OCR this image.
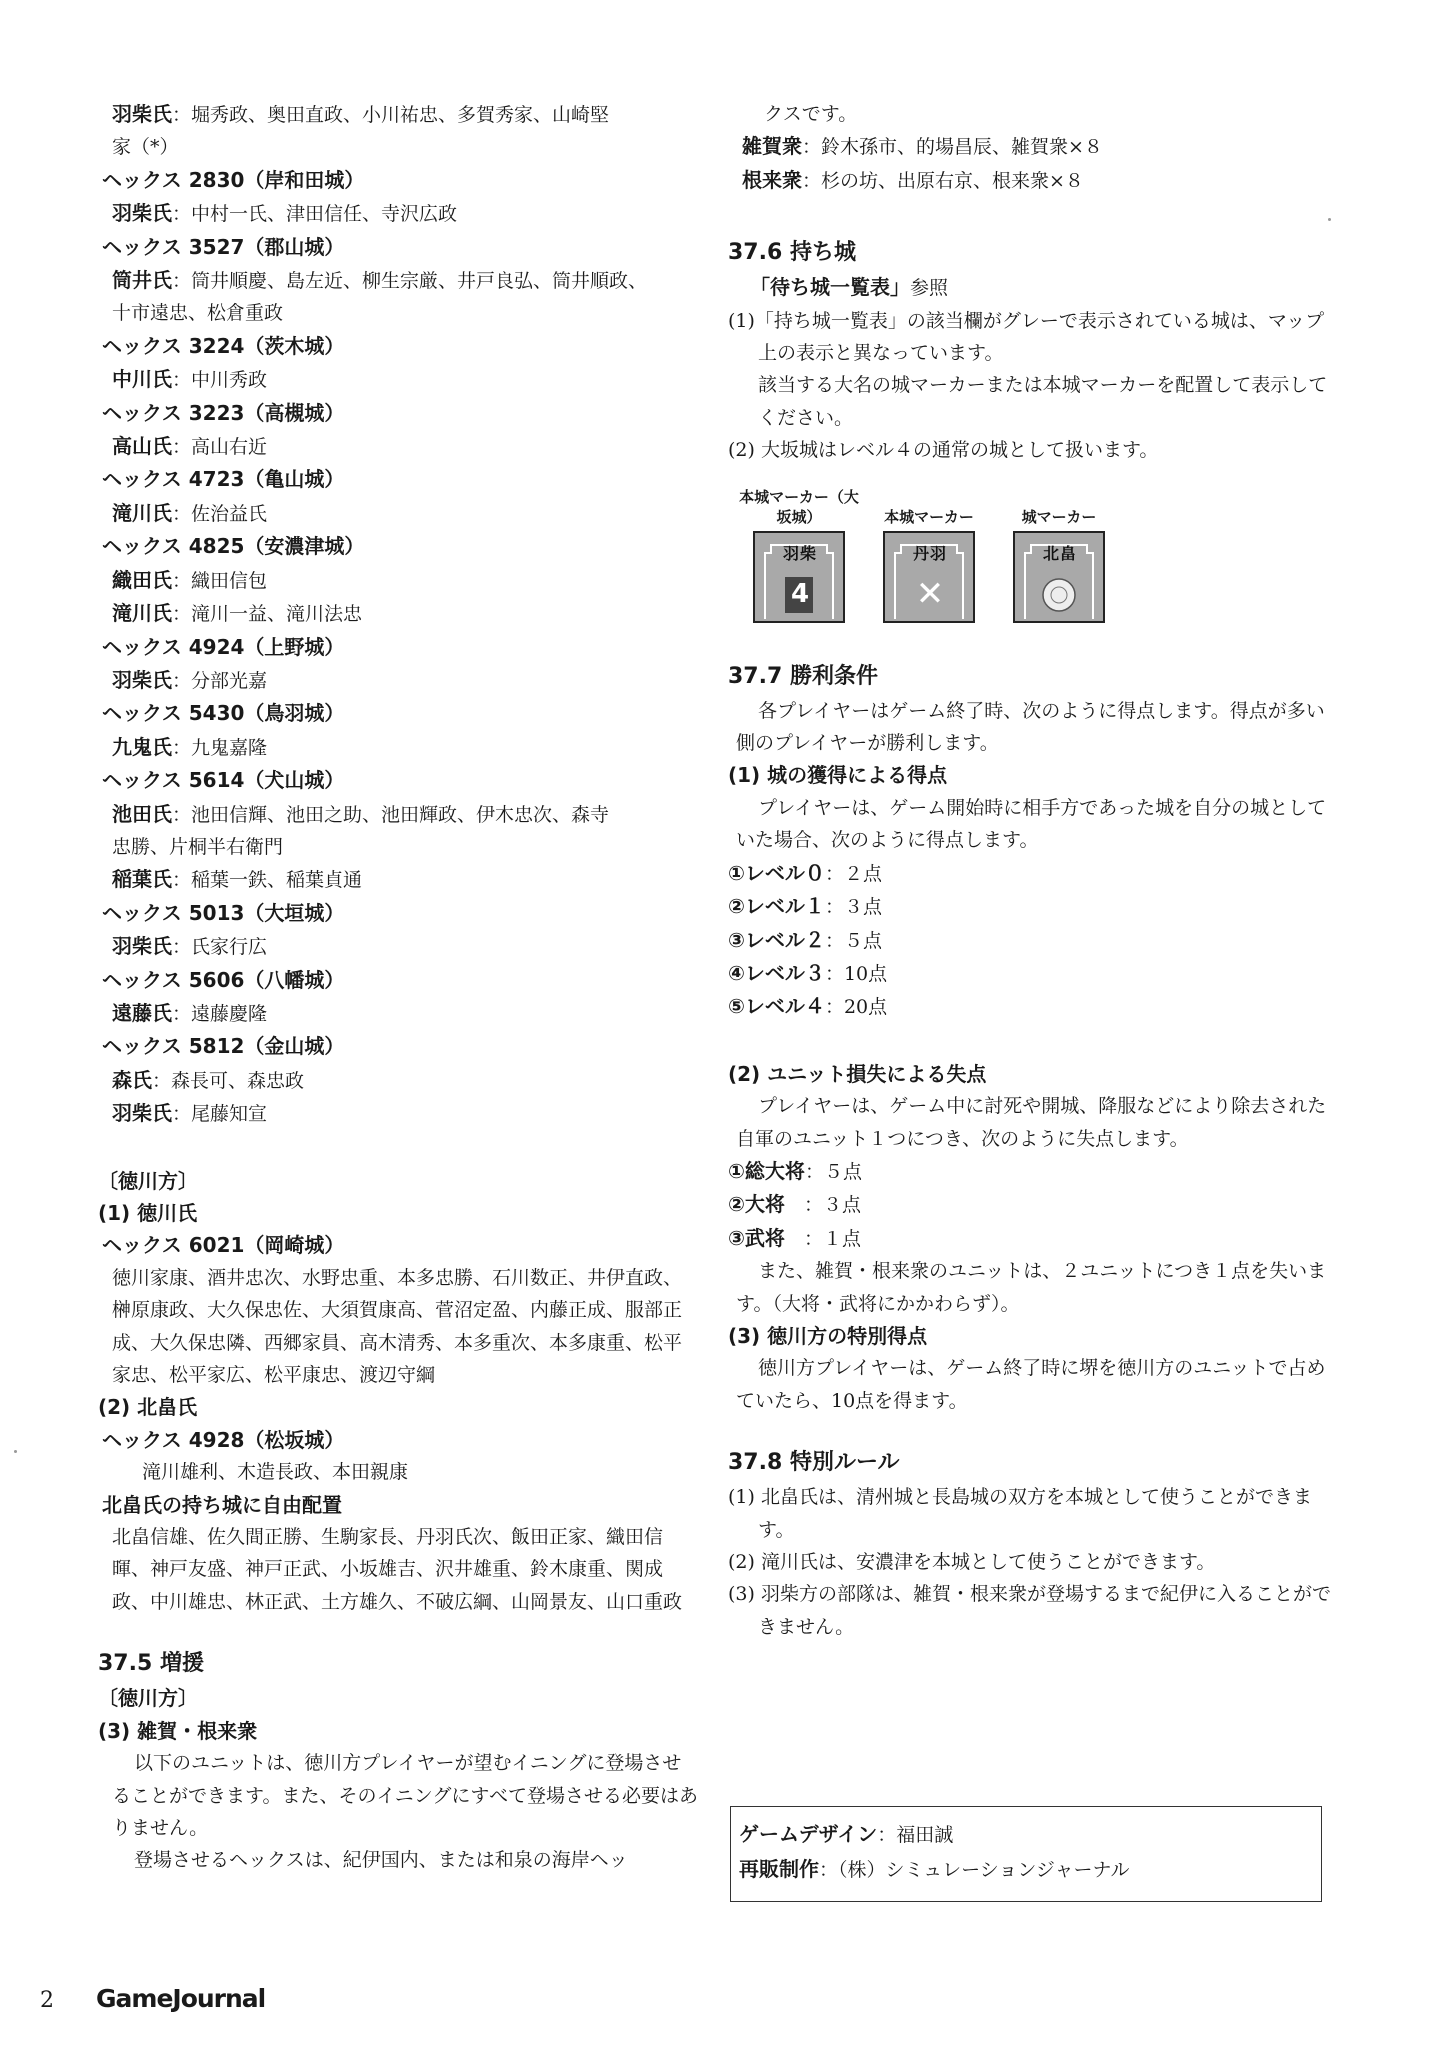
羽柴氏：堀秀政、奥田直政、小川祐忠、多賀秀家、山崎堅

家（*）

ヘックス 2830（岸和田城）

羽柴氏：中村一氏、津田信任、寺沢広政

ヘックス 3527（郡山城）

筒井氏：筒井順慶、島左近、柳生宗厳、井戸良弘、筒井順政、

十市遠忠、松倉重政

ヘックス 3224（茨木城）

中川氏：中川秀政

ヘックス 3223（高槻城）

高山氏：高山右近

ヘックス 4723（亀山城）

滝川氏：佐治益氏

ヘックス 4825（安濃津城）

織田氏：織田信包

滝川氏：滝川一益、滝川法忠

ヘックス 4924（上野城）

羽柴氏：分部光嘉

ヘックス 5430（鳥羽城）

九鬼氏：九鬼嘉隆

ヘックス 5614（犬山城）

池田氏：池田信輝、池田之助、池田輝政、伊木忠次、森寺

忠勝、片桐半右衛門

稲葉氏：稲葉一鉄、稲葉貞通

ヘックス 5013（大垣城）

羽柴氏：氏家行広

ヘックス 5606（八幡城）

遠藤氏：遠藤慶隆

ヘックス 5812（金山城）

森氏：森長可、森忠政

羽柴氏：尾藤知宣

〔徳川方〕

(1) 徳川氏

ヘックス 6021（岡崎城）

徳川家康、酒井忠次、水野忠重、本多忠勝、石川数正、井伊直政、榊原康政、大久保忠佐、大須賀康高、菅沼定盈、内藤正成、服部正成、大久保忠隣、西郷家員、高木清秀、本多重次、本多康重、松平家忠、松平家広、松平康忠、渡辺守綱

(2) 北畠氏

ヘックス 4928（松坂城）

滝川雄利、木造長政、本田親康

北畠氏の持ち城に自由配置

北畠信雄、佐久間正勝、生駒家長、丹羽氏次、飯田正家、織田信暉、神戸友盛、神戸正武、小坂雄吉、沢井雄重、鈴木康重、関成政、中川雄忠、林正武、土方雄久、不破広綱、山岡景友、山口重政

37.5 増援

〔徳川方〕

(3) 雑賀・根来衆

以下のユニットは、徳川方プレイヤーが望むイニングに登場させることができます。また、そのイニングにすべて登場させる必要はありません。

登場させるヘックスは、紀伊国内、または和泉の海岸ヘッ

クスです。

雑賀衆：鈴木孫市、的場昌辰、雑賀衆×８

根来衆：杉の坊、出原右京、根来衆×８

37.6 持ち城

「待ち城一覧表」参照

(1)「持ち城一覧表」の該当欄がグレーで表示されている城は、マップ上の表示と異なっています。

該当する大名の城マーカーまたは本城マーカーを配置して表示してください。

(2) 大坂城はレベル４の通常の城として扱います。

本城マーカー（大坂城）
羽柴
4
本城マーカー
丹羽
✕
城マーカー
北畠

37.7 勝利条件

各プレイヤーはゲーム終了時、次のように得点します。得点が多い側のプレイヤーが勝利します。

(1) 城の獲得による得点

プレイヤーは、ゲーム開始時に相手方であった城を自分の城としていた場合、次のように得点します。

①レベル０：２点

②レベル１：３点

③レベル２：５点

④レベル３：10点

⑤レベル４：20点

(2) ユニット損失による失点

プレイヤーは、ゲーム中に討死や開城、降服などにより除去された自軍のユニット１つにつき、次のように失点します。

①総大将：５点

②大将　：３点

③武将　：１点

また、雑賀・根来衆のユニットは、２ユニットにつき１点を失います。（大将・武将にかかわらず）。

(3) 徳川方の特別得点

徳川方プレイヤーは、ゲーム終了時に堺を徳川方のユニットで占めていたら、10点を得ます。

37.8 特別ルール

(1) 北畠氏は、清州城と長島城の双方を本城として使うことができます。

(2) 滝川氏は、安濃津を本城として使うことができます。

(3) 羽柴方の部隊は、雑賀・根来衆が登場するまで紀伊に入ることができません。

ゲームデザイン：福田誠

再販制作：（株）シミュレーションジャーナル

2 GameJournal
